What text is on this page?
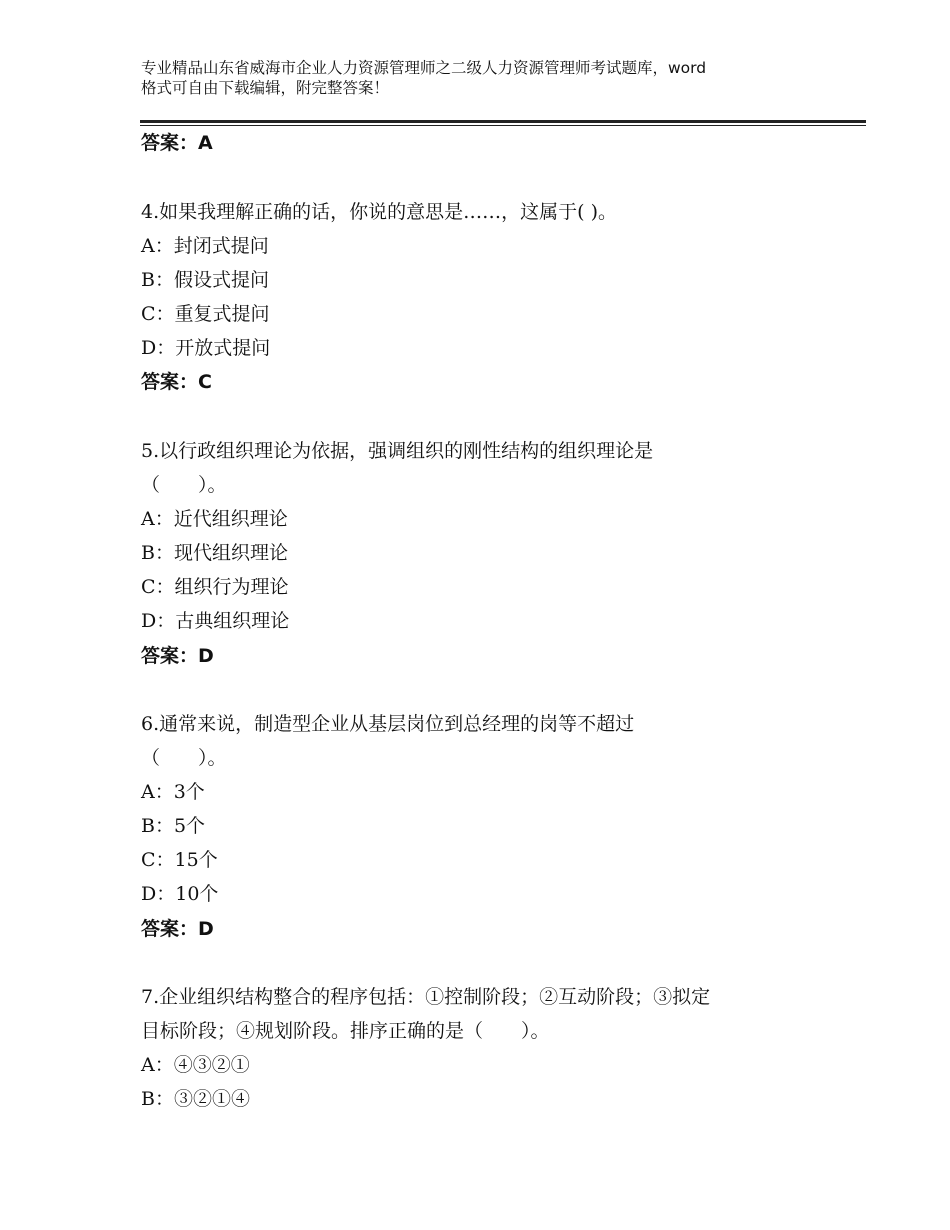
专业精品山东省威海市企业人力资源管理师之二级人力资源管理师考试题库，word
格式可自由下载编辑，附完整答案！
答案：A
4.如果我理解正确的话，你说的意思是……，这属于( )。
A：封闭式提问
B：假设式提问
C：重复式提问
D：开放式提问
答案：C
5.以行政组织理论为依据，强调组织的刚性结构的组织理论是
（　　）。
A：近代组织理论
B：现代组织理论
C：组织行为理论
D：古典组织理论
答案：D
6.通常来说，制造型企业从基层岗位到总经理的岗等不超过
（　　）。
A：3个
B：5个
C：15个
D：10个
答案：D
7.企业组织结构整合的程序包括：①控制阶段；②互动阶段；③拟定
目标阶段；④规划阶段。排序正确的是（　　）。
A：④③②①
B：③②①④
